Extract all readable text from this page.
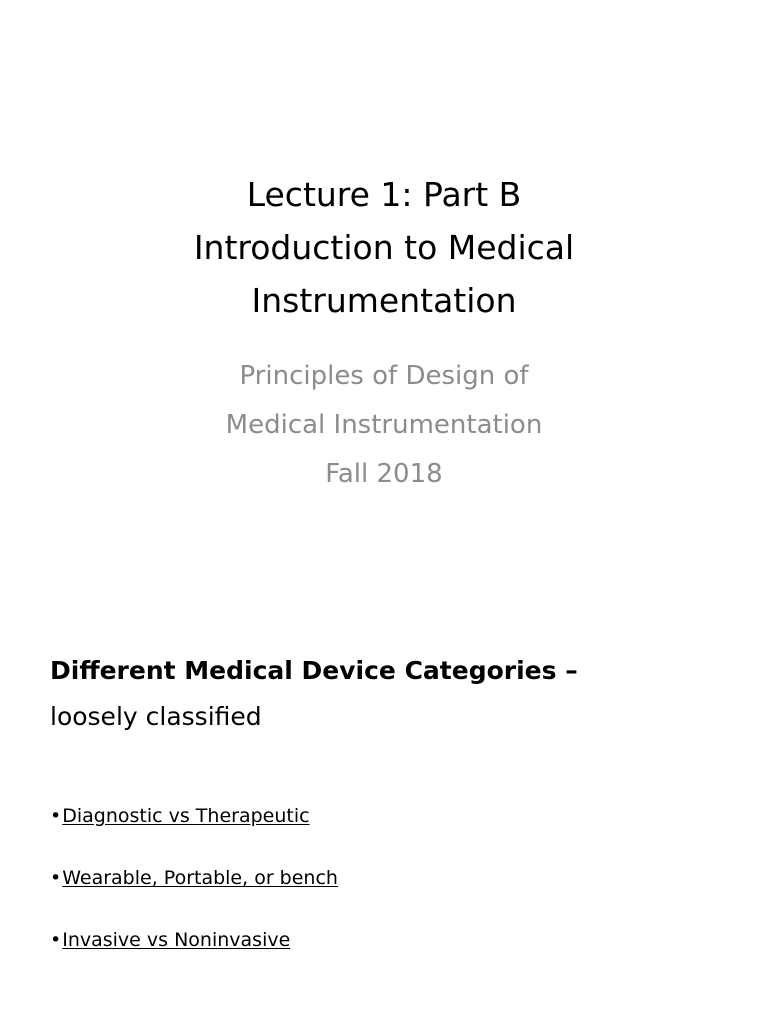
Lecture 1: Part B
Introduction to Medical
Instrumentation
Principles of Design of
Medical Instrumentation
Fall 2018
Different Medical Device Categories –
loosely classified
•Diagnostic vs Therapeutic
•Wearable, Portable, or bench
•Invasive vs Noninvasive
